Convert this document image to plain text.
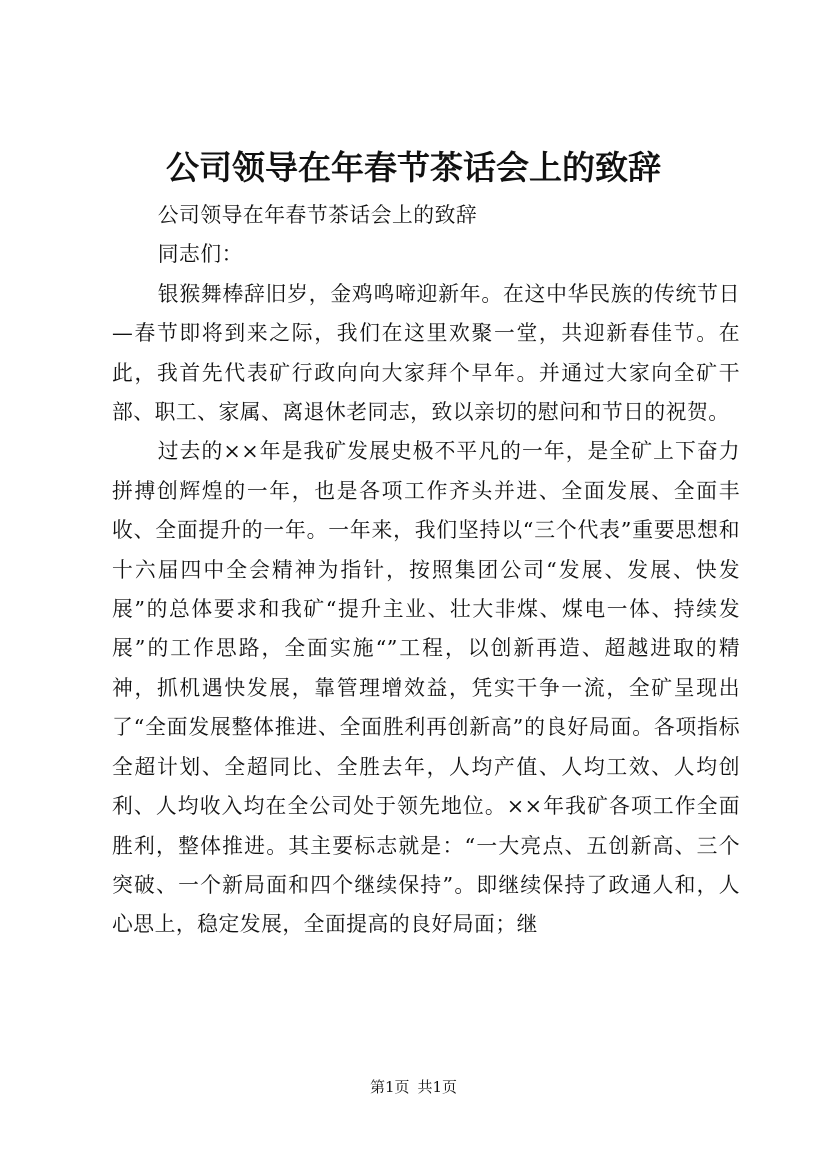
公司领导在年春节茶话会上的致辞

公司领导在年春节茶话会上的致辞

同志们：

银猴舞棒辞旧岁，金鸡鸣啼迎新年。在这中华民族的传统节日—春节即将到来之际，我们在这里欢聚一堂，共迎新春佳节。在此，我首先代表矿行政向向大家拜个早年。并通过大家向全矿干部、职工、家属、离退休老同志，致以亲切的慰问和节日的祝贺。

过去的××年是我矿发展史极不平凡的一年，是全矿上下奋力拼搏创辉煌的一年，也是各项工作齐头并进、全面发展、全面丰收、全面提升的一年。一年来，我们坚持以“三个代表”重要思想和十六届四中全会精神为指针，按照集团公司“发展、发展、快发展”的总体要求和我矿“提升主业、壮大非煤、煤电一体、持续发展”的工作思路，全面实施“”工程，以创新再造、超越进取的精神，抓机遇快发展，靠管理增效益，凭实干争一流，全矿呈现出了“全面发展整体推进、全面胜利再创新高”的良好局面。各项指标全超计划、全超同比、全胜去年，人均产值、人均工效、人均创利、人均收入均在全公司处于领先地位。××年我矿各项工作全面胜利，整体推进。其主要标志就是：“一大亮点、五创新高、三个突破、一个新局面和四个继续保持”。即继续保持了政通人和，人心思上，稳定发展，全面提高的良好局面；继

第1页 共1页
